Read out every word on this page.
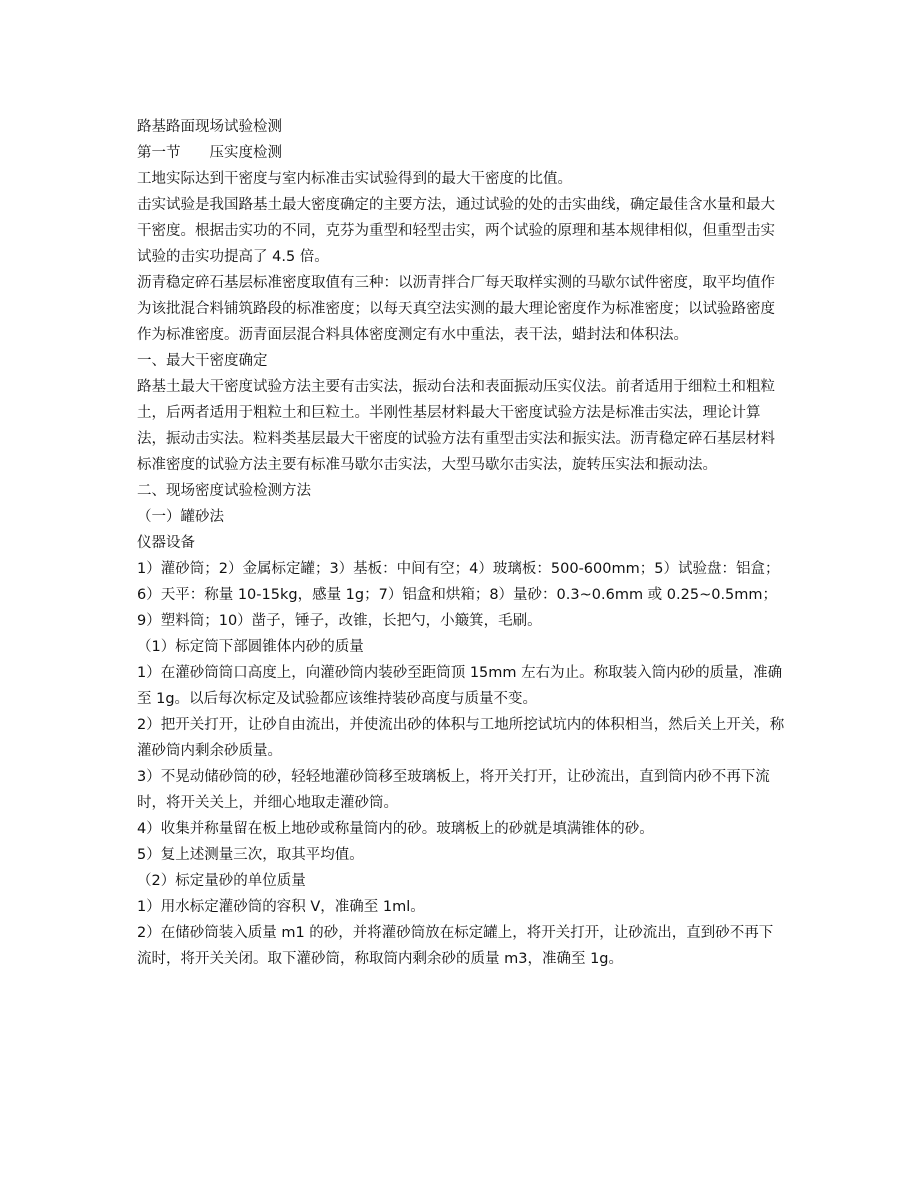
路基路面现场试验检测

第一节　　压实度检测

工地实际达到干密度与室内标准击实试验得到的最大干密度的比值。

击实试验是我国路基土最大密度确定的主要方法，通过试验的处的击实曲线，确定最佳含水量和最大干密度。根据击实功的不同，克芬为重型和轻型击实，两个试验的原理和基本规律相似，但重型击实试验的击实功提高了 4.5 倍。

沥青稳定碎石基层标准密度取值有三种：以沥青拌合厂每天取样实测的马歇尔试件密度，取平均值作为该批混合料铺筑路段的标准密度；以每天真空法实测的最大理论密度作为标准密度；以试验路密度作为标准密度。沥青面层混合料具体密度测定有水中重法，表干法，蜡封法和体积法。

一、最大干密度确定

路基土最大干密度试验方法主要有击实法，振动台法和表面振动压实仪法。前者适用于细粒土和粗粒土，后两者适用于粗粒土和巨粒土。半刚性基层材料最大干密度试验方法是标准击实法，理论计算法，振动击实法。粒料类基层最大干密度的试验方法有重型击实法和振实法。沥青稳定碎石基层材料标准密度的试验方法主要有标准马歇尔击实法，大型马歇尔击实法，旋转压实法和振动法。

二、现场密度试验检测方法

（一）罐砂法

仪器设备

1）灌砂筒；2）金属标定罐；3）基板：中间有空；4）玻璃板：500-600mm；5）试验盘：铝盒；6）天平：称量 10-15kg，感量 1g；7）铝盒和烘箱；8）量砂：0.3~0.6mm 或 0.25~0.5mm；9）塑料筒；10）凿子，锤子，改锥，长把勺，小簸箕，毛刷。

（1）标定筒下部圆锥体内砂的质量

1）在灌砂筒筒口高度上，向灌砂筒内装砂至距筒顶 15mm 左右为止。称取装入筒内砂的质量，准确至 1g。以后每次标定及试验都应该维持装砂高度与质量不变。

2）把开关打开，让砂自由流出，并使流出砂的体积与工地所挖试坑内的体积相当，然后关上开关，称灌砂筒内剩余砂质量。

3）不晃动储砂筒的砂，轻轻地灌砂筒移至玻璃板上，将开关打开，让砂流出，直到筒内砂不再下流时，将开关关上，并细心地取走灌砂筒。

4）收集并称量留在板上地砂或称量筒内的砂。玻璃板上的砂就是填满锥体的砂。

5）复上述测量三次，取其平均值。

（2）标定量砂的单位质量

1）用水标定灌砂筒的容积 V，准确至 1ml。

2）在储砂筒装入质量 m1 的砂，并将灌砂筒放在标定罐上，将开关打开，让砂流出，直到砂不再下流时，将开关关闭。取下灌砂筒，称取筒内剩余砂的质量 m3，准确至 1g。
